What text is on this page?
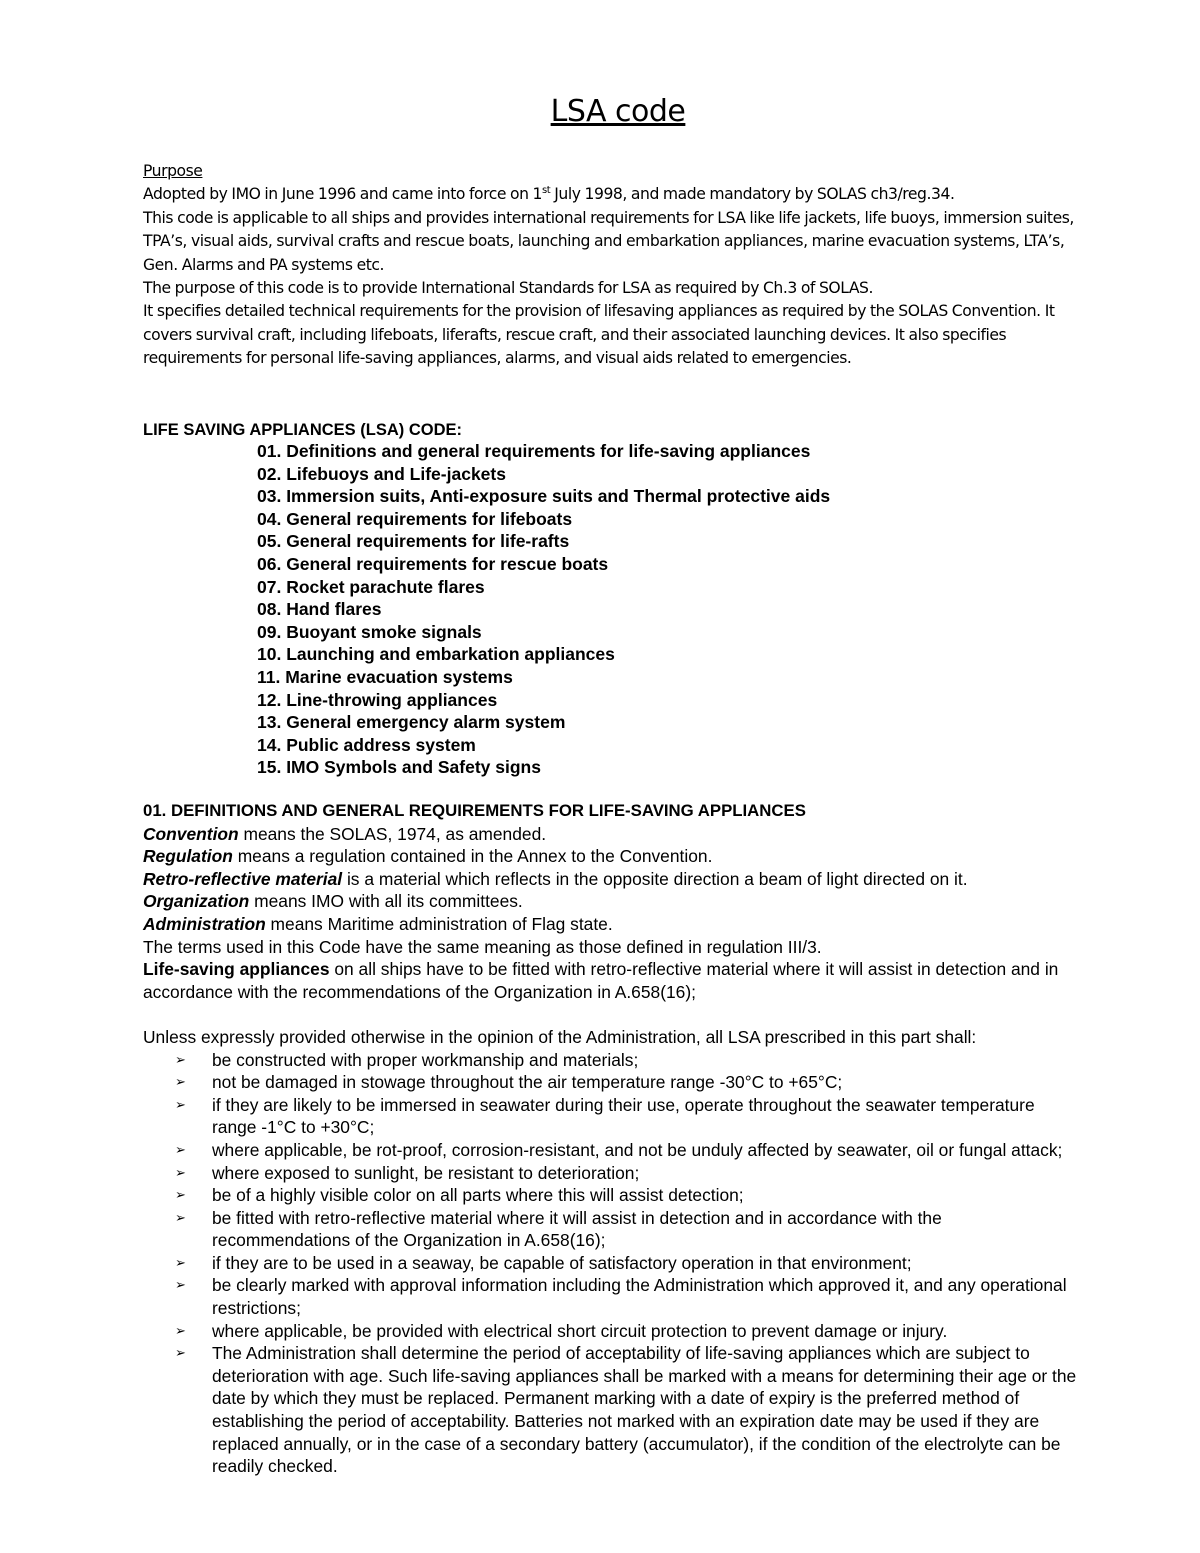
LSA code

Purpose

Adopted by IMO in June 1996 and came into force on 1st July 1998, and made mandatory by SOLAS ch3/reg.34.

This code is applicable to all ships and provides international requirements for LSA like life jackets, life buoys, immersion suites, TPA’s, visual aids, survival crafts and rescue boats, launching and embarkation appliances, marine evacuation systems, LTA’s, Gen. Alarms and PA systems etc.

The purpose of this code is to provide International Standards for LSA as required by Ch.3 of SOLAS.

It specifies detailed technical requirements for the provision of lifesaving appliances as required by the SOLAS Convention. It covers survival craft, including lifeboats, liferafts, rescue craft, and their associated launching devices. It also specifies requirements for personal life-saving appliances, alarms, and visual aids related to emergencies.

LIFE SAVING APPLIANCES (LSA) CODE:
01. Definitions and general requirements for life-saving appliances
02. Lifebuoys and Life-jackets
03. Immersion suits, Anti-exposure suits and Thermal protective aids
04. General requirements for lifeboats
05. General requirements for life-rafts
06. General requirements for rescue boats
07. Rocket parachute flares
08. Hand flares
09. Buoyant smoke signals
10. Launching and embarkation appliances
11. Marine evacuation systems
12. Line-throwing appliances
13. General emergency alarm system
14. Public address system
15. IMO Symbols and Safety signs

01. DEFINITIONS AND GENERAL REQUIREMENTS FOR LIFE-SAVING APPLIANCES

Convention means the SOLAS, 1974, as amended.

Regulation means a regulation contained in the Annex to the Convention.

Retro-reflective material is a material which reflects in the opposite direction a beam of light directed on it.

Organization means IMO with all its committees.

Administration means Maritime administration of Flag state.

The terms used in this Code have the same meaning as those defined in regulation III/3.

Life-saving appliances on all ships have to be fitted with retro-reflective material where it will assist in detection and in accordance with the recommendations of the Organization in A.658(16);

Unless expressly provided otherwise in the opinion of the Administration, all LSA prescribed in this part shall:

➢	be constructed with proper workmanship and materials;
➢	not be damaged in stowage throughout the air temperature range -30°C to +65°C;
➢	if they are likely to be immersed in seawater during their use, operate throughout the seawater temperature range -1°C to +30°C;
➢	where applicable, be rot-proof, corrosion-resistant, and not be unduly affected by seawater, oil or fungal attack;
➢	where exposed to sunlight, be resistant to deterioration;
➢	be of a highly visible color on all parts where this will assist detection;
➢	be fitted with retro-reflective material where it will assist in detection and in accordance with the recommendations of the Organization in A.658(16);
➢	if they are to be used in a seaway, be capable of satisfactory operation in that environment;
➢	be clearly marked with approval information including the Administration which approved it, and any operational restrictions;
➢	where applicable, be provided with electrical short circuit protection to prevent damage or injury.
➢	The Administration shall determine the period of acceptability of life-saving appliances which are subject to deterioration with age. Such life-saving appliances shall be marked with a means for determining their age or the date by which they must be replaced. Permanent marking with a date of expiry is the preferred method of establishing the period of acceptability. Batteries not marked with an expiration date may be used if they are replaced annually, or in the case of a secondary battery (accumulator), if the condition of the electrolyte can be readily checked.
